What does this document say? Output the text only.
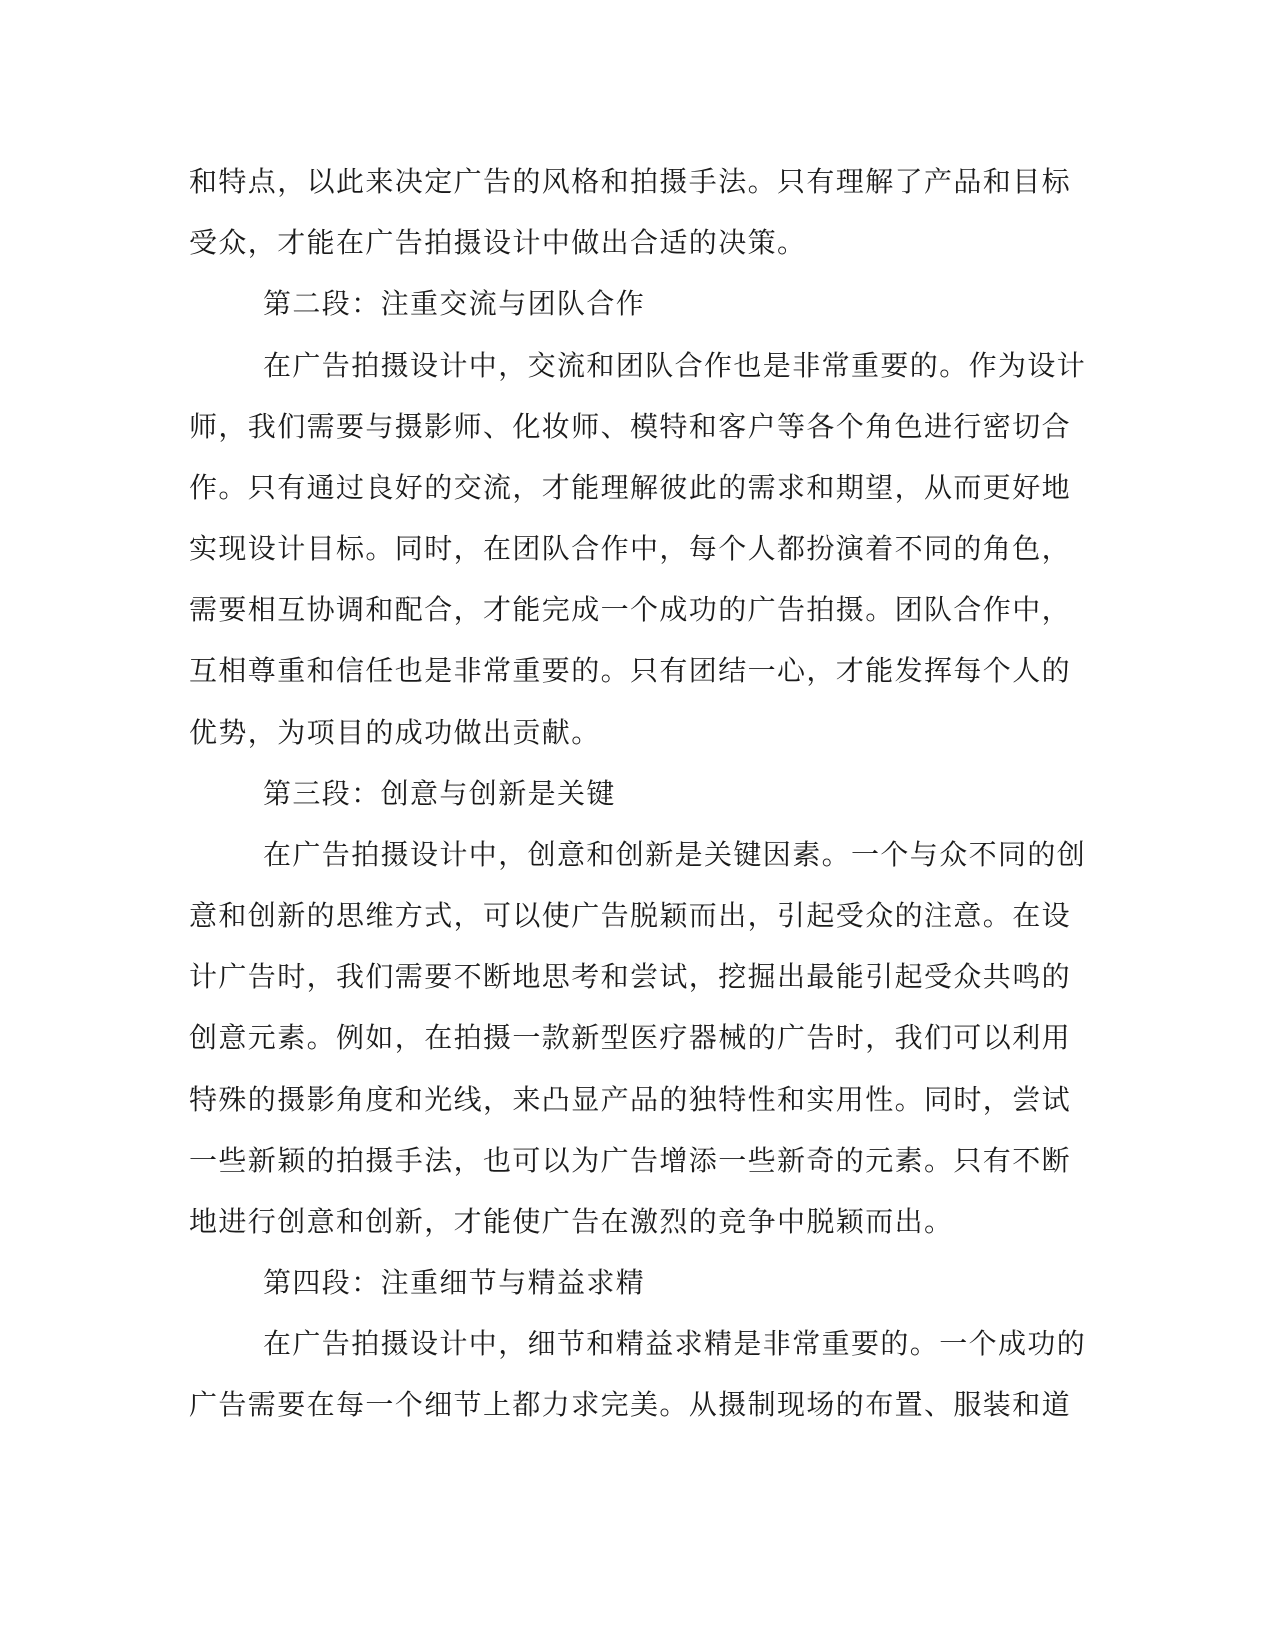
和特点，以此来决定广告的风格和拍摄手法。只有理解了产品和目标
受众，才能在广告拍摄设计中做出合适的决策。
第二段：注重交流与团队合作
在广告拍摄设计中，交流和团队合作也是非常重要的。作为设计
师，我们需要与摄影师、化妆师、模特和客户等各个角色进行密切合
作。只有通过良好的交流，才能理解彼此的需求和期望，从而更好地
实现设计目标。同时，在团队合作中，每个人都扮演着不同的角色，
需要相互协调和配合，才能完成一个成功的广告拍摄。团队合作中，
互相尊重和信任也是非常重要的。只有团结一心，才能发挥每个人的
优势，为项目的成功做出贡献。
第三段：创意与创新是关键
在广告拍摄设计中，创意和创新是关键因素。一个与众不同的创
意和创新的思维方式，可以使广告脱颖而出，引起受众的注意。在设
计广告时，我们需要不断地思考和尝试，挖掘出最能引起受众共鸣的
创意元素。例如，在拍摄一款新型医疗器械的广告时，我们可以利用
特殊的摄影角度和光线，来凸显产品的独特性和实用性。同时，尝试
一些新颖的拍摄手法，也可以为广告增添一些新奇的元素。只有不断
地进行创意和创新，才能使广告在激烈的竞争中脱颖而出。
第四段：注重细节与精益求精
在广告拍摄设计中，细节和精益求精是非常重要的。一个成功的
广告需要在每一个细节上都力求完美。从摄制现场的布置、服装和道
